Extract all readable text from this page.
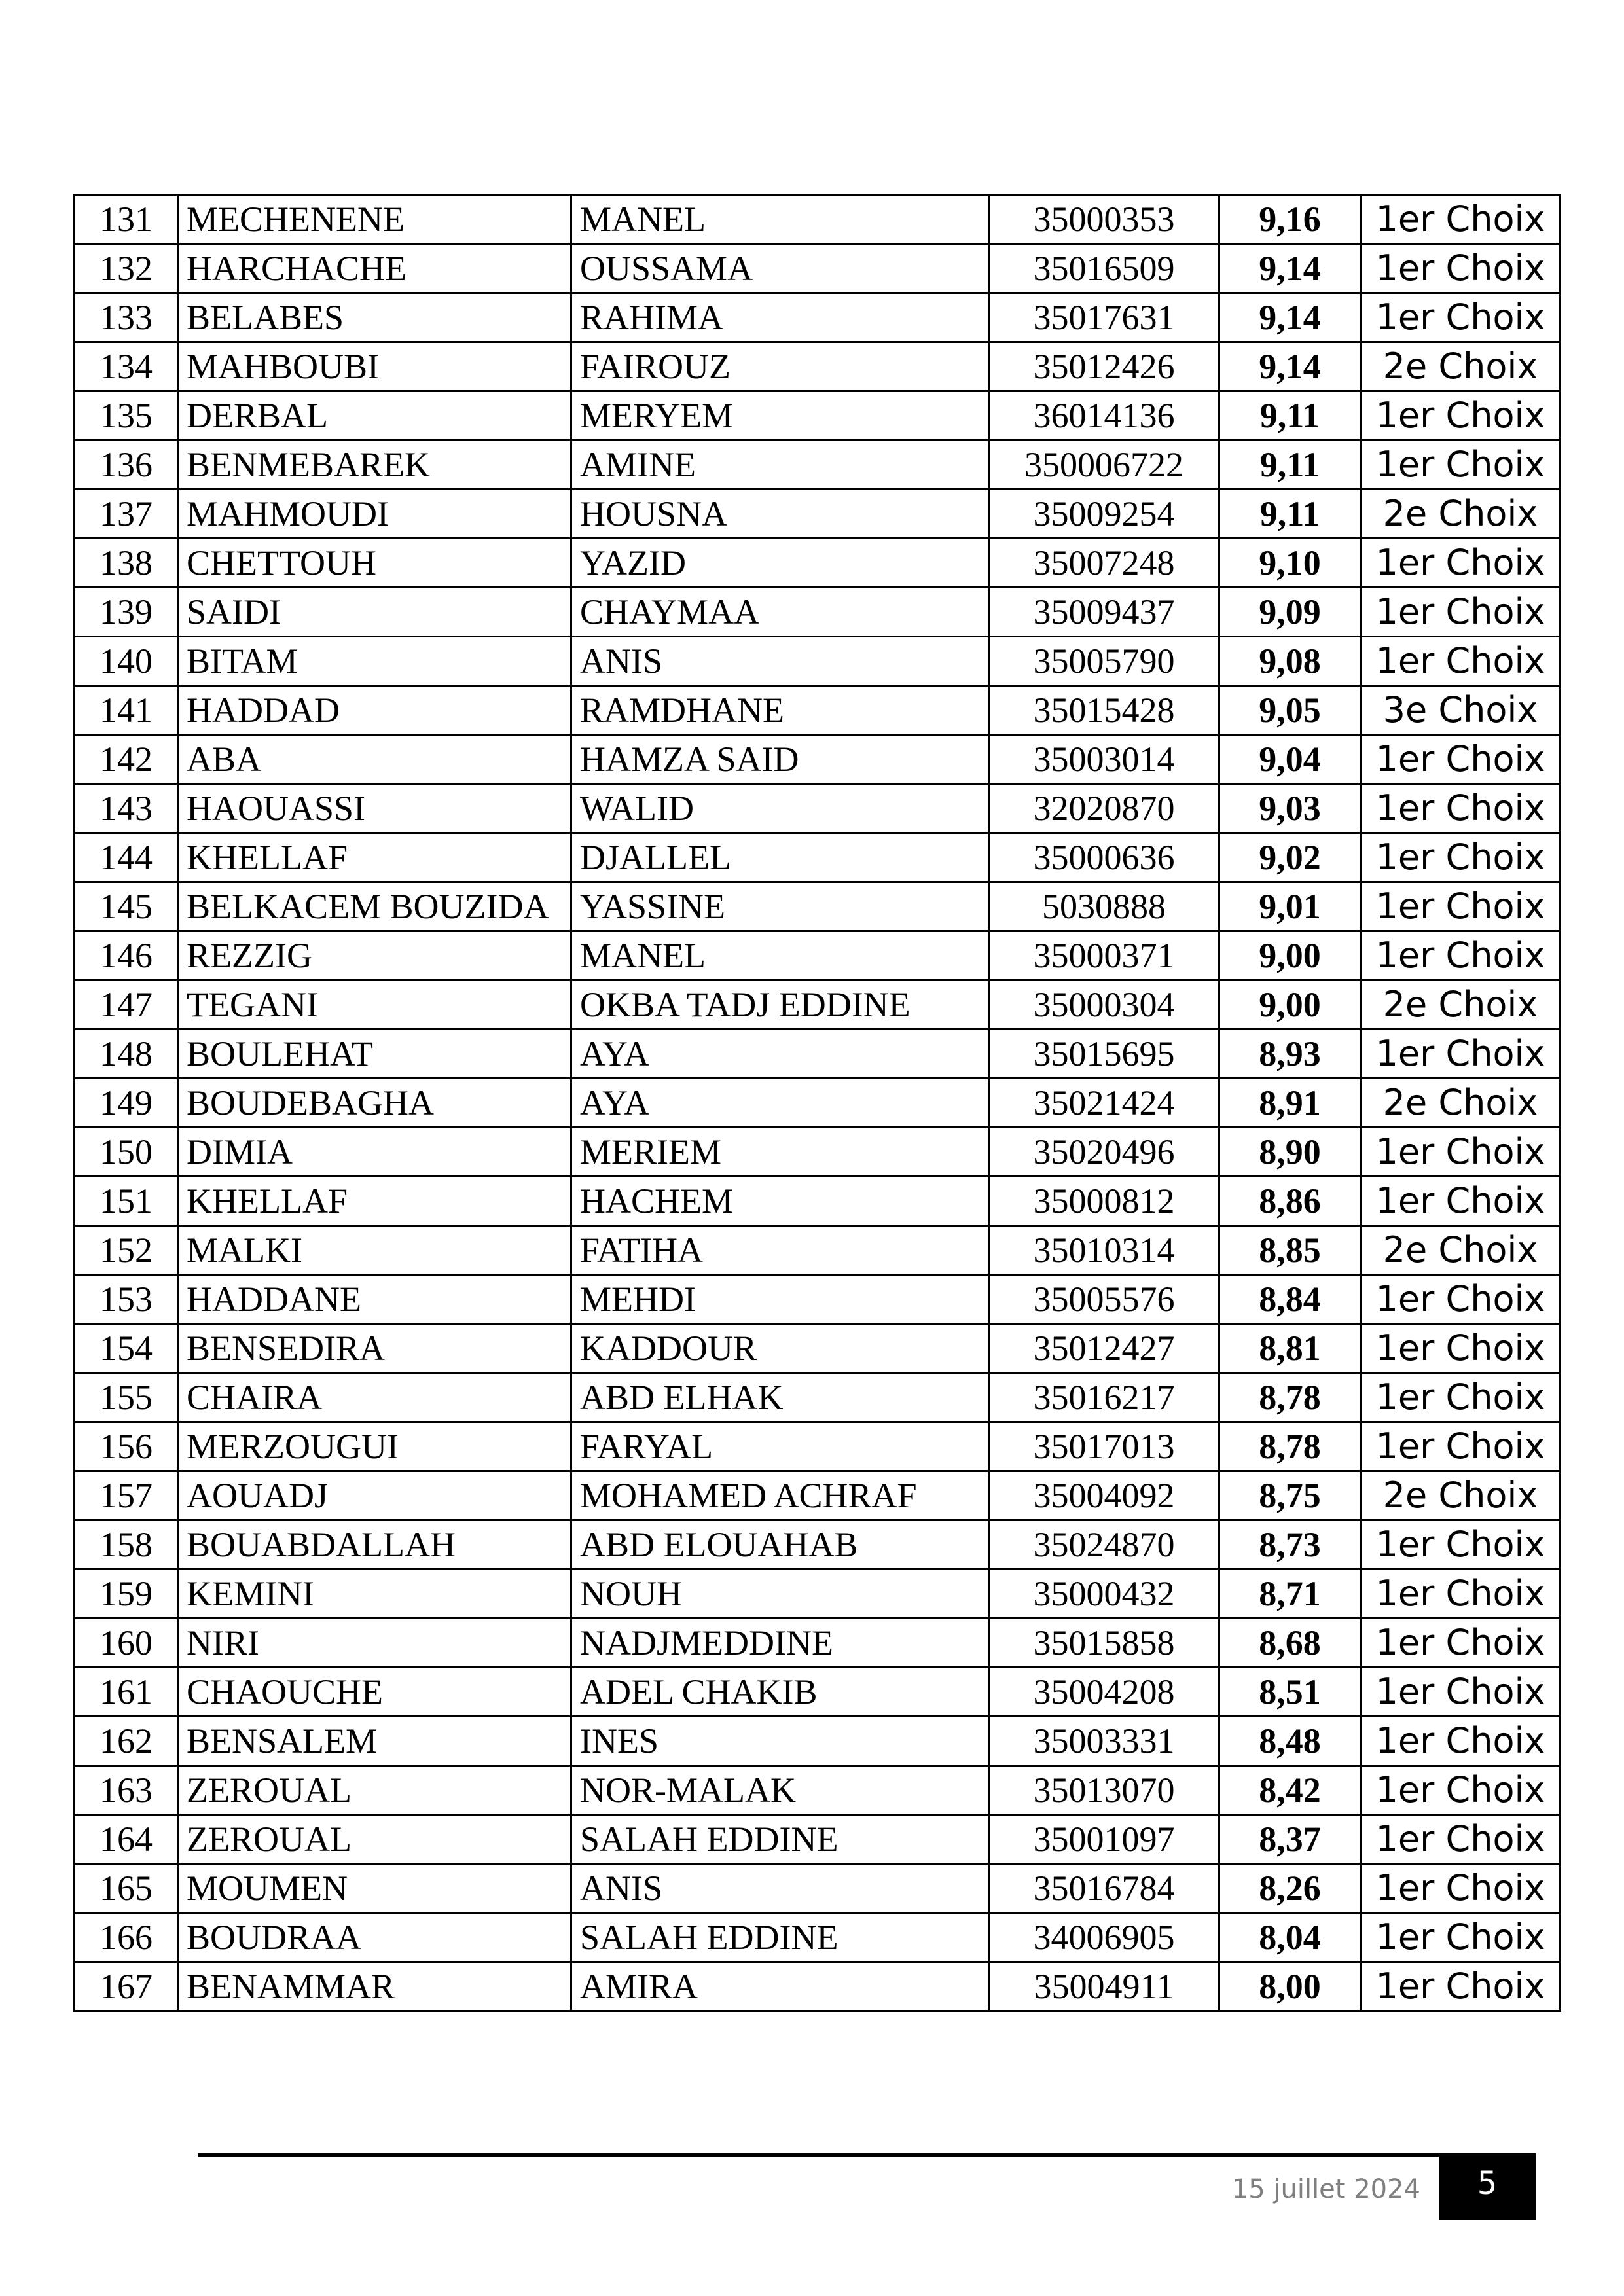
131	MECHENENE	MANEL	35000353	9,16	1er Choix
132	HARCHACHE	OUSSAMA	35016509	9,14	1er Choix
133	BELABES	RAHIMA	35017631	9,14	1er Choix
134	MAHBOUBI	FAIROUZ	35012426	9,14	2e Choix
135	DERBAL	MERYEM	36014136	9,11	1er Choix
136	BENMEBAREK	AMINE	350006722	9,11	1er Choix
137	MAHMOUDI	HOUSNA	35009254	9,11	2e Choix
138	CHETTOUH	YAZID	35007248	9,10	1er Choix
139	SAIDI	CHAYMAA	35009437	9,09	1er Choix
140	BITAM	ANIS	35005790	9,08	1er Choix
141	HADDAD	RAMDHANE	35015428	9,05	3e Choix
142	ABA	HAMZA SAID	35003014	9,04	1er Choix
143	HAOUASSI	WALID	32020870	9,03	1er Choix
144	KHELLAF	DJALLEL	35000636	9,02	1er Choix
145	BELKACEM BOUZIDA	YASSINE	5030888	9,01	1er Choix
146	REZZIG	MANEL	35000371	9,00	1er Choix
147	TEGANI	OKBA TADJ EDDINE	35000304	9,00	2e Choix
148	BOULEHAT	AYA	35015695	8,93	1er Choix
149	BOUDEBAGHA	AYA	35021424	8,91	2e Choix
150	DIMIA	MERIEM	35020496	8,90	1er Choix
151	KHELLAF	HACHEM	35000812	8,86	1er Choix
152	MALKI	FATIHA	35010314	8,85	2e Choix
153	HADDANE	MEHDI	35005576	8,84	1er Choix
154	BENSEDIRA	KADDOUR	35012427	8,81	1er Choix
155	CHAIRA	ABD ELHAK	35016217	8,78	1er Choix
156	MERZOUGUI	FARYAL	35017013	8,78	1er Choix
157	AOUADJ	MOHAMED ACHRAF	35004092	8,75	2e Choix
158	BOUABDALLAH	ABD ELOUAHAB	35024870	8,73	1er Choix
159	KEMINI	NOUH	35000432	8,71	1er Choix
160	NIRI	NADJMEDDINE	35015858	8,68	1er Choix
161	CHAOUCHE	ADEL CHAKIB	35004208	8,51	1er Choix
162	BENSALEM	INES	35003331	8,48	1er Choix
163	ZEROUAL	NOR-MALAK	35013070	8,42	1er Choix
164	ZEROUAL	SALAH EDDINE	35001097	8,37	1er Choix
165	MOUMEN	ANIS	35016784	8,26	1er Choix
166	BOUDRAA	SALAH EDDINE	34006905	8,04	1er Choix
167	BENAMMAR	AMIRA	35004911	8,00	1er Choix
15 juillet 2024	5
